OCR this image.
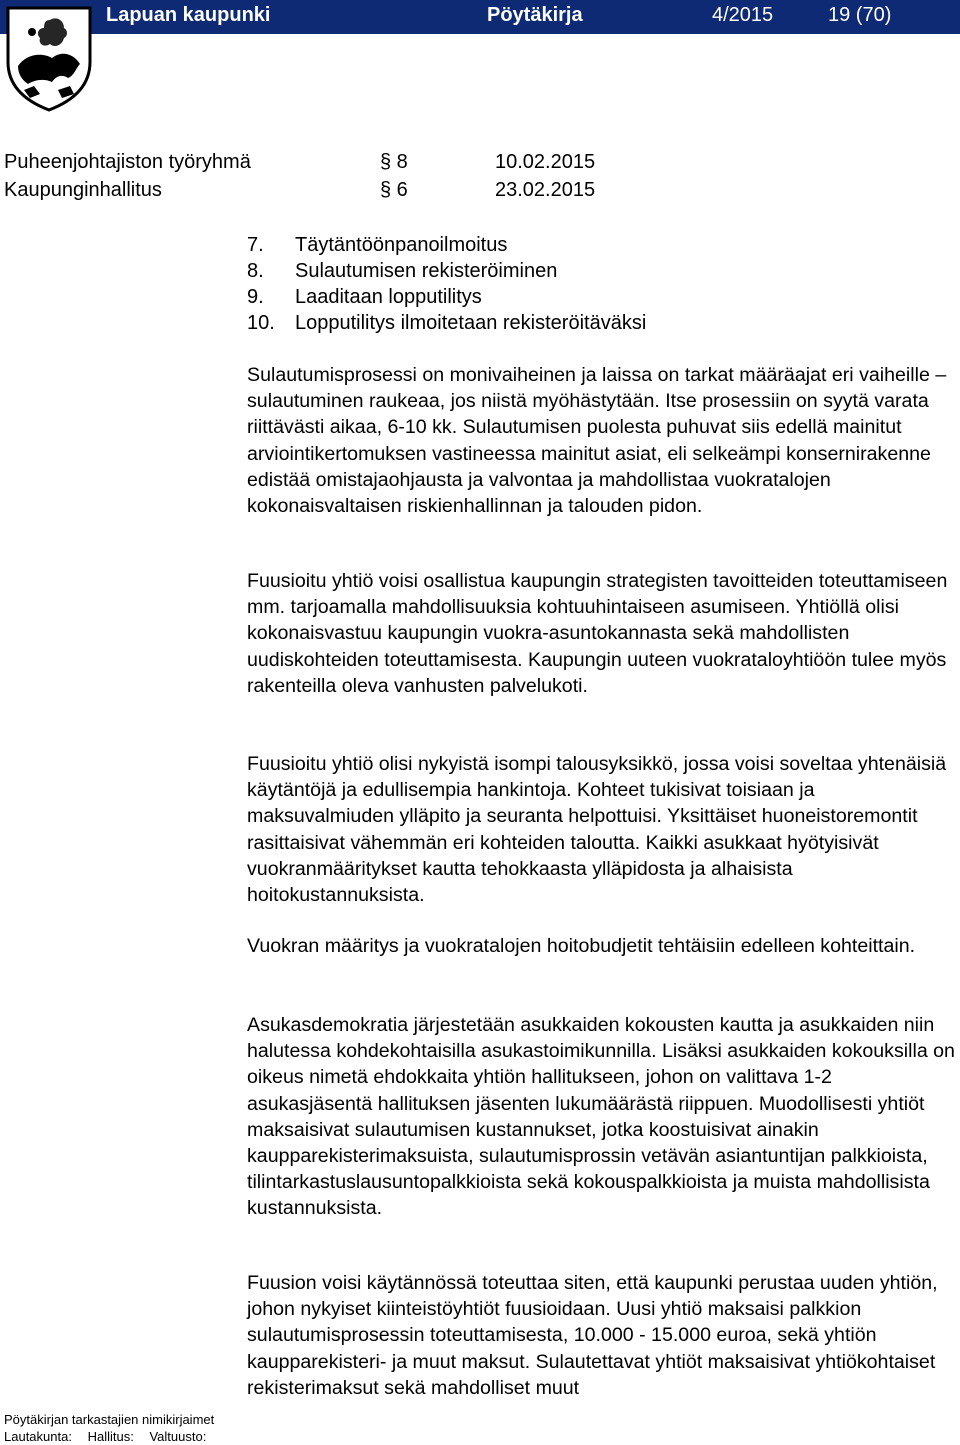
Lapuan kaupunki	Pöytäkirja	4/2015	19 (70)
Puheenjohtajiston työryhmä	§ 8	10.02.2015
Kaupunginhallitus	§ 6	23.02.2015
7. Täytäntöönpanoilmoitus
8. Sulautumisen rekisteröiminen
9. Laaditaan lopputilitys
10. Lopputilitys ilmoitetaan rekisteröitäväksi

Sulautumisprosessi on monivaiheinen ja laissa on tarkat määräajat eri vaiheille – sulautuminen raukeaa, jos niistä myöhästytään. Itse prosessiin on syytä varata riittävästi aikaa, 6-10 kk. Sulautumisen puolesta puhuvat siis edellä mainitut arviointikertomuksen vastineessa mainitut asiat, eli selkeämpi konsernirakenne edistää omistajaohjausta ja valvontaa ja mahdollistaa vuokratalojen kokonaisvaltaisen riskienhallinnan ja talouden pidon.

Fuusioitu yhtiö voisi osallistua kaupungin strategisten tavoitteiden toteuttamiseen mm. tarjoamalla mahdollisuuksia kohtuuhintaiseen asumiseen. Yhtiöllä olisi kokonaisvastuu kaupungin vuokra-asuntokannasta sekä mahdollisten uudiskohteiden toteuttamisesta. Kaupungin uuteen vuokrataloyhtiöön tulee myös rakenteilla oleva vanhusten palvelukoti.

Fuusioitu yhtiö olisi nykyistä isompi talousyksikkö, jossa voisi soveltaa yhtenäisiä käytäntöjä ja edullisempia hankintoja. Kohteet tukisivat toisiaan ja maksuvalmiuden ylläpito ja seuranta helpottuisi. Yksittäiset huoneistoremontit rasittaisivat vähemmän eri kohteiden taloutta. Kaikki asukkaat hyötyisivät vuokranmääritykset kautta tehokkaasta ylläpidosta ja alhaisista hoitokustannuksista.

Vuokran määritys ja vuokratalojen hoitobudjetit tehtäisiin edelleen kohteittain.

Asukasdemokratia järjestetään asukkaiden kokousten kautta ja asukkaiden niin halutessa kohdekohtaisilla asukastoimikunnilla. Lisäksi asukkaiden kokouksilla on oikeus nimetä ehdokkaita yhtiön hallitukseen, johon on valittava 1-2 asukasjäsentä hallituksen jäsenten lukumäärästä riippuen. Muodollisesti yhtiöt maksaisivat sulautumisen kustannukset, jotka koostuisivat ainakin kaupparekisterimaksuista, sulautumisprossin vetävän asiantuntijan palkkioista, tilintarkastuslausuntopalkkioista sekä kokouspalkkioista ja muista mahdollisista kustannuksista.

Fuusion voisi käytännössä toteuttaa siten, että kaupunki perustaa uuden yhtiön, johon nykyiset kiinteistöyhtiöt fuusioidaan. Uusi yhtiö maksaisi palkkion sulautumisprosessin toteuttamisesta, 10.000 - 15.000 euroa, sekä yhtiön kaupparekisteri- ja muut maksut. Sulautettavat yhtiöt maksaisivat yhtiökohtaiset rekisterimaksut sekä mahdolliset muut

Pöytäkirjan tarkastajien nimikirjaimet
Lautakunta: Hallitus: Valtuusto:
